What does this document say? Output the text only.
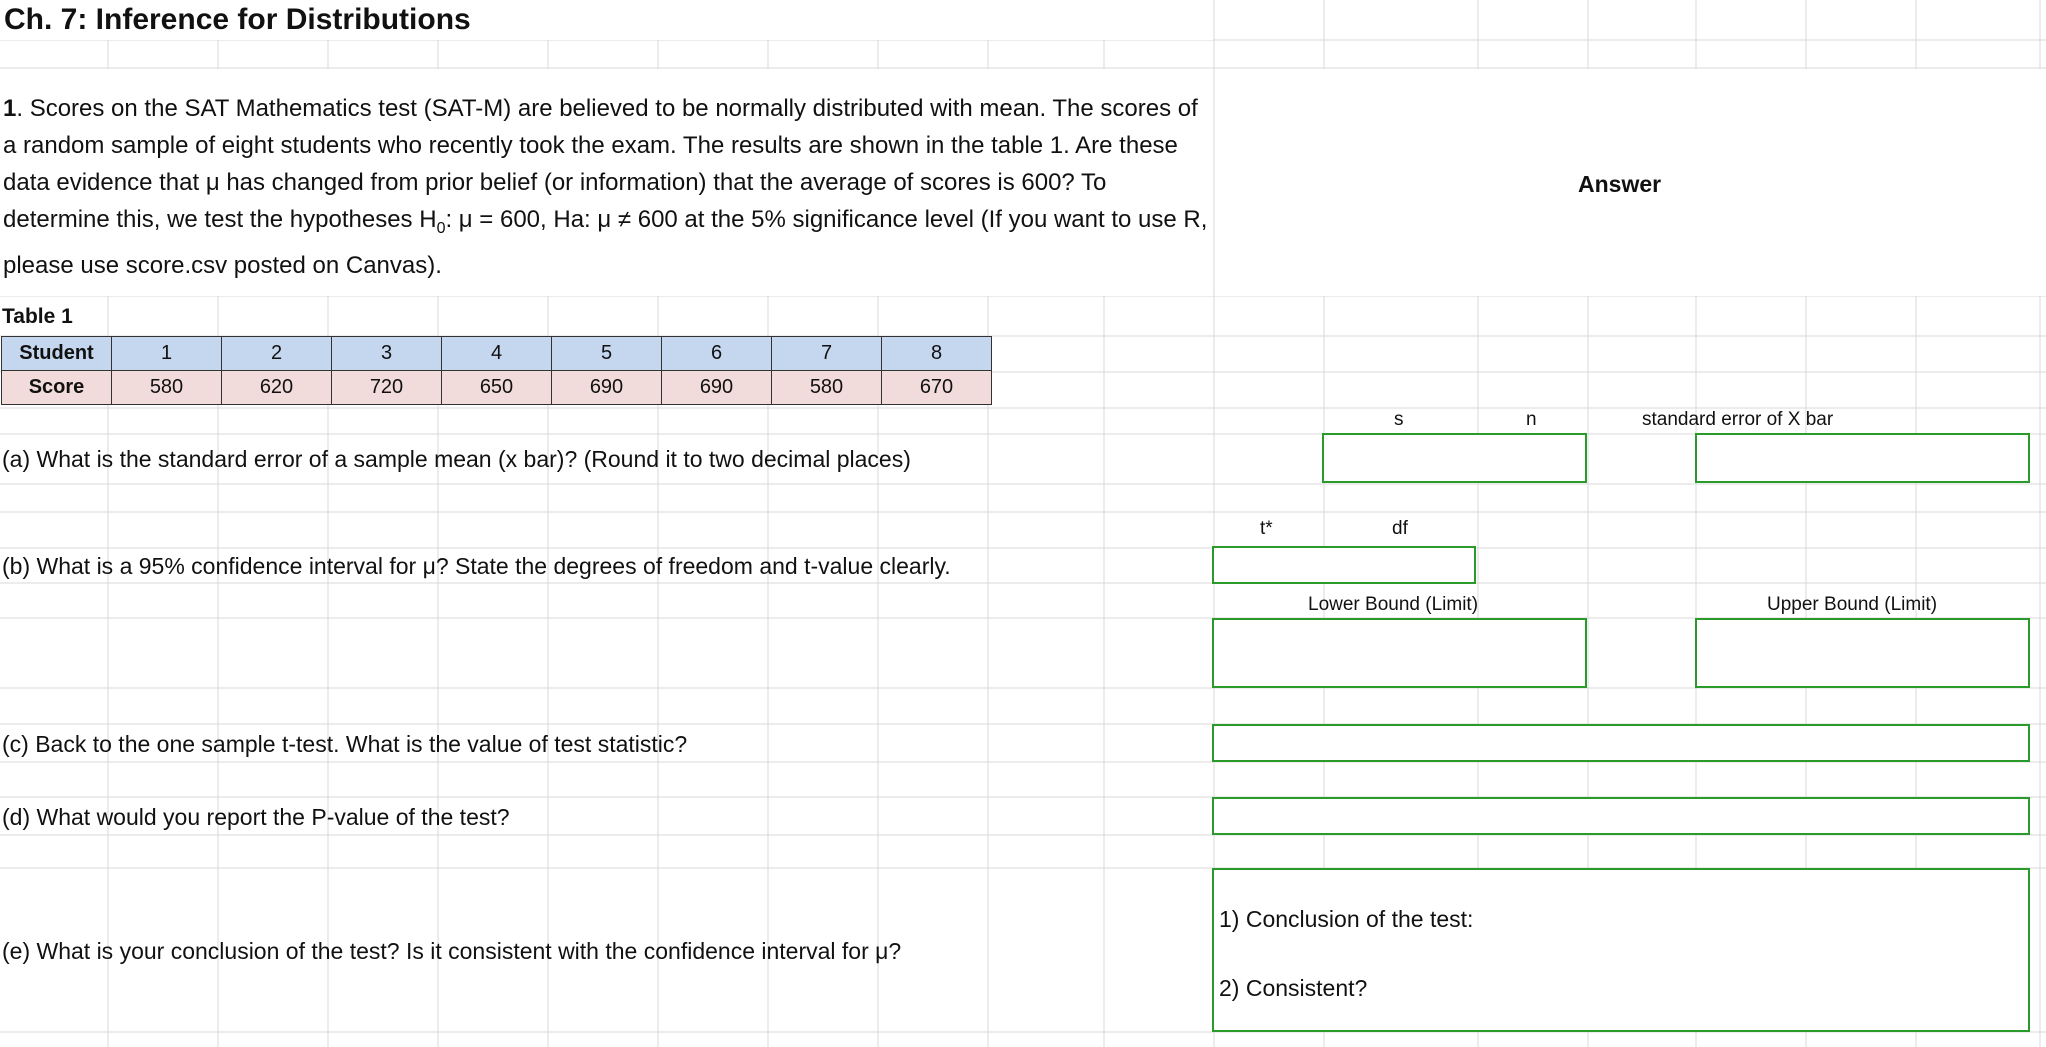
Ch. 7: Inference for Distributions
1. Scores on the SAT Mathematics test (SAT-M) are believed to be normally distributed with mean. The scores of a random sample of eight students who recently took the exam. The results are shown in the table 1. Are these data evidence that μ has changed from prior belief (or information) that the average of scores is 600? To determine this, we test the hypotheses $H_0$: μ = 600, Ha: μ ≠ 600 at the 5% significance level (If you want to use R, please use score.csv posted on Canvas).
Answer
Table 1
Student	1	2	3	4	5	6	7	8
Score	580	620	720	650	690	690	580	670
s	n	standard error of X bar
(a) What is the standard error of a sample mean (x bar)? (Round it to two decimal places)
t*	df
(b) What is a 95% confidence interval for μ? State the degrees of freedom and t-value clearly.
Lower Bound (Limit)	Upper Bound (Limit)
(c) Back to the one sample t-test. What is the value of test statistic?
(d) What would you report the P-value of the test?
(e) What is your conclusion of the test? Is it consistent with the confidence interval for μ?
1) Conclusion of the test:
2) Consistent?
